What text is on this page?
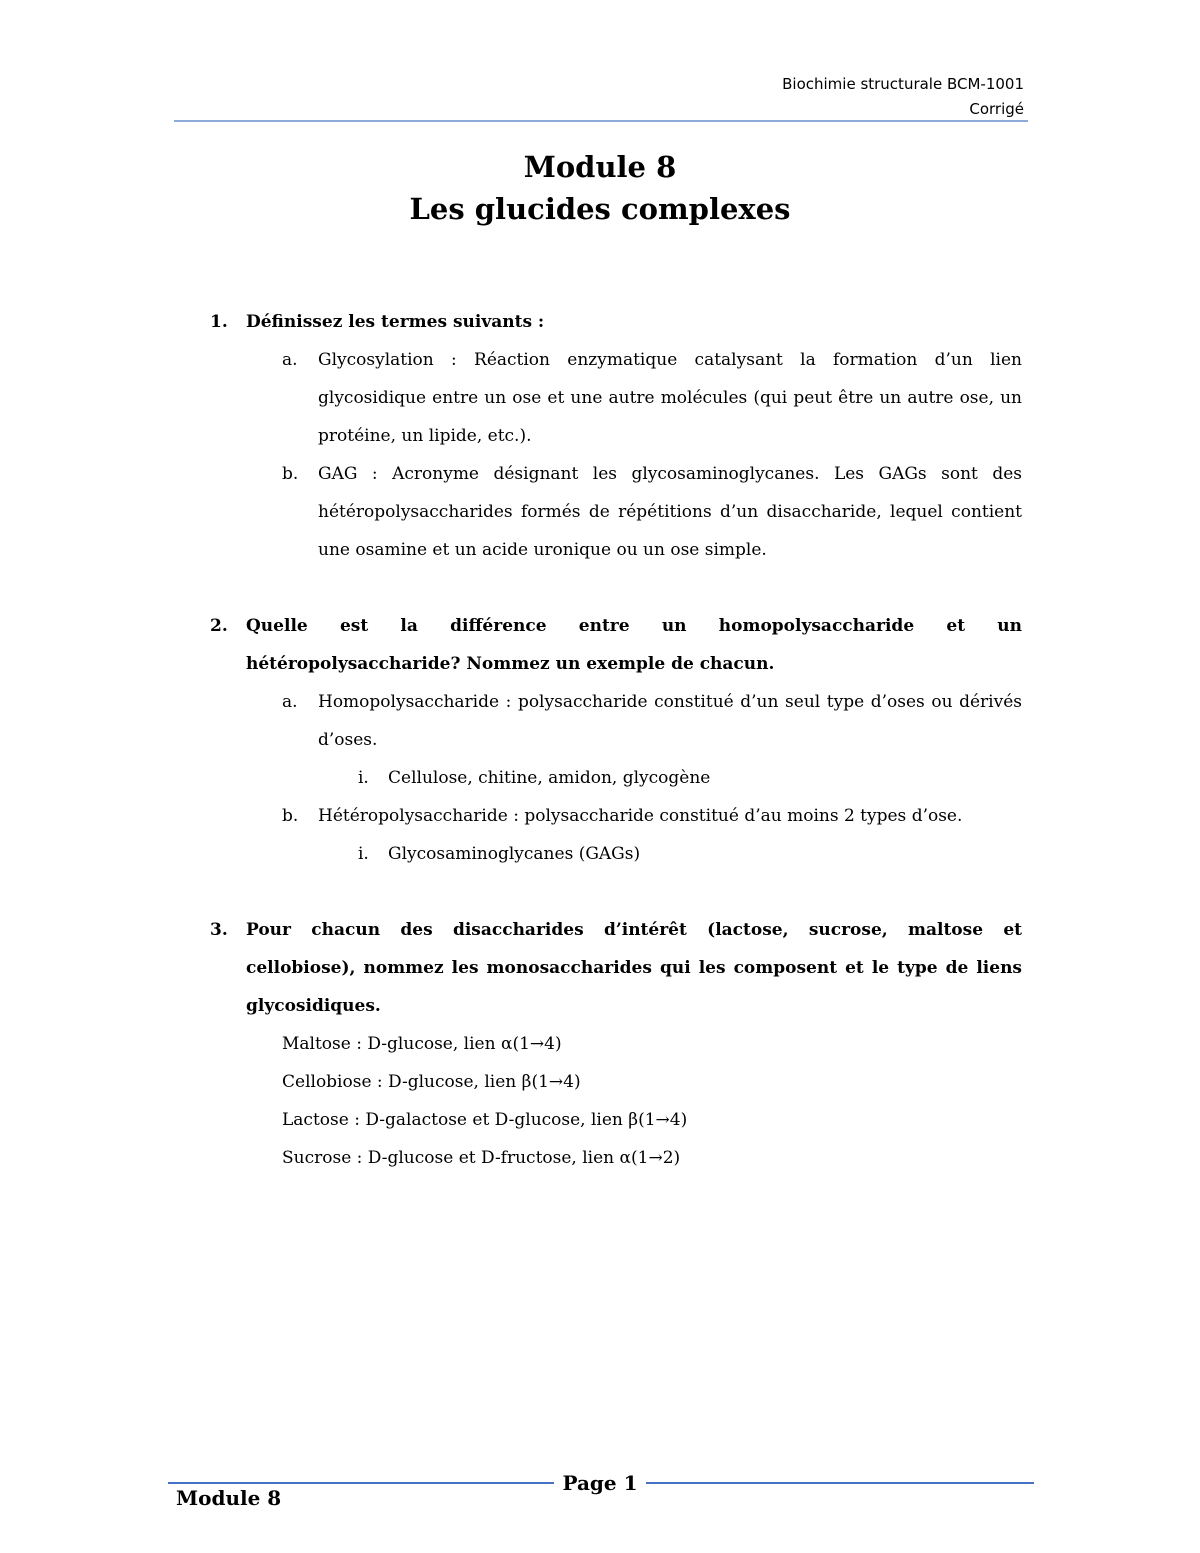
Biochimie structurale BCM-1001
Corrigé
Module 8
Les glucides complexes
1.	Définissez les termes suivants :
a. Glycosylation : Réaction enzymatique catalysant la formation d’un lien glycosidique entre un ose et une autre molécules (qui peut être un autre ose, un protéine, un lipide, etc.).
b. GAG : Acronyme désignant les glycosaminoglycanes. Les GAGs sont des hétéropolysaccharides formés de répétitions d’un disaccharide, lequel contient une osamine et un acide uronique ou un ose simple.
2.	Quelle est la différence entre un homopolysaccharide et un hétéropolysaccharide? Nommez un exemple de chacun.
a. Homopolysaccharide : polysaccharide constitué d’un seul type d’oses ou dérivés d’oses.
i. Cellulose, chitine, amidon, glycogène
b. Hétéropolysaccharide : polysaccharide constitué d’au moins 2 types d’ose.
i. Glycosaminoglycanes (GAGs)
3.	Pour chacun des disaccharides d’intérêt (lactose, sucrose, maltose et cellobiose), nommez les monosaccharides qui les composent et le type de liens glycosidiques.
Maltose : D-glucose, lien α(1→4)
Cellobiose : D-glucose, lien β(1→4)
Lactose : D-galactose et D-glucose, lien β(1→4)
Sucrose : D-glucose et D-fructose, lien α(1→2)
Page 1
Module 8
